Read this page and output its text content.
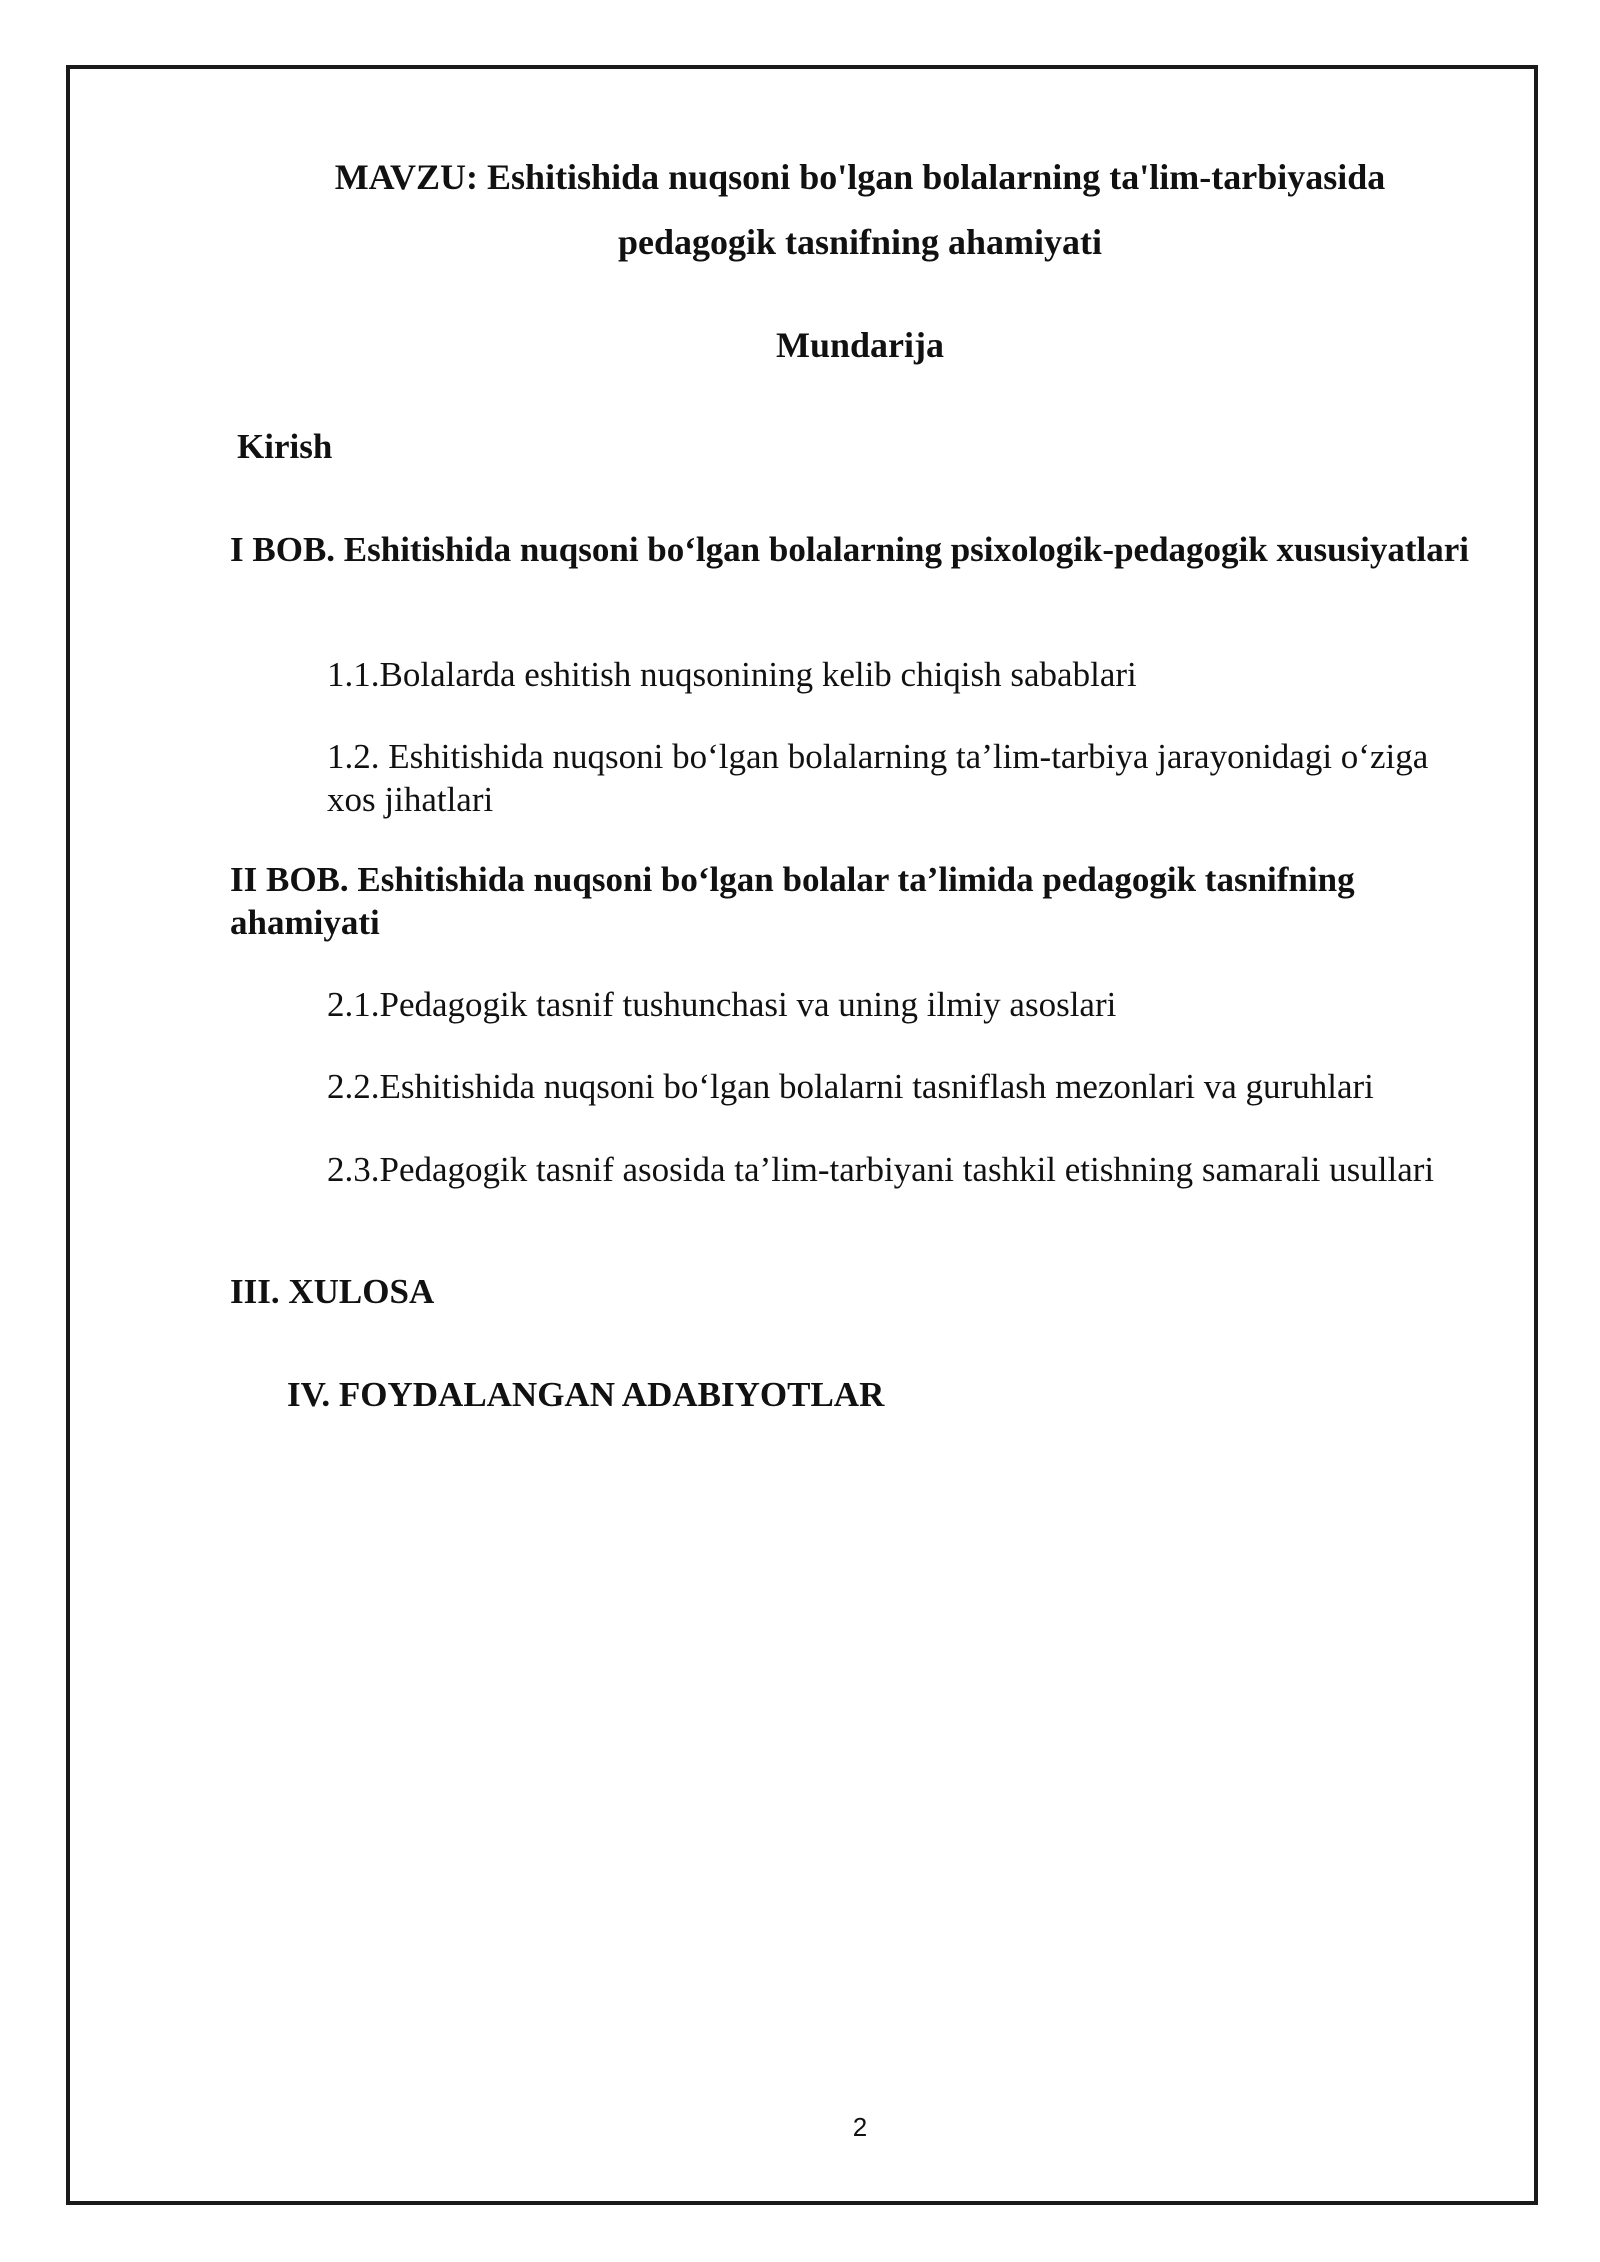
MAVZU: Eshitishida nuqsoni bo'lgan bolalarning ta'lim-tarbiyasida

pedagogik tasnifning ahamiyati

Mundarija

Kirish

I BOB. Eshitishida nuqsoni bo‘lgan bolalarning psixologik-pedagogik xususiyatlari

1.1.Bolalarda eshitish nuqsonining kelib chiqish sabablari

1.2. Eshitishida nuqsoni bo‘lgan bolalarning ta’lim-tarbiya jarayonidagi o‘ziga xos jihatlari

II BOB. Eshitishida nuqsoni bo‘lgan bolalar ta’limida pedagogik tasnifning ahamiyati

2.1.Pedagogik tasnif tushunchasi va uning ilmiy asoslari

2.2.Eshitishida nuqsoni bo‘lgan bolalarni tasniflash mezonlari va guruhlari

2.3.Pedagogik tasnif asosida ta’lim-tarbiyani tashkil etishning samarali usullari

III. XULOSA

IV. FOYDALANGAN ADABIYOTLAR

2
